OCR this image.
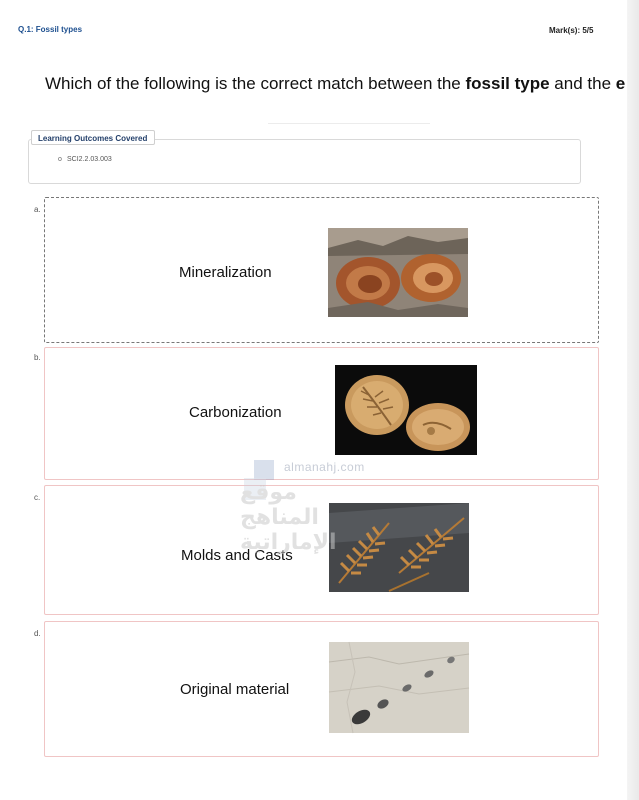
Q.1: Fossil types	Mark(s): 5/5
Which of the following is the correct match between the fossil type and the e
Learning Outcomes Covered
o SCI2.2.03.003
a.
Mineralization
b.
Carbonization
c.
Molds and Casts
d.
Original material
almanahj.com
موقع المناهج الإماراتية
